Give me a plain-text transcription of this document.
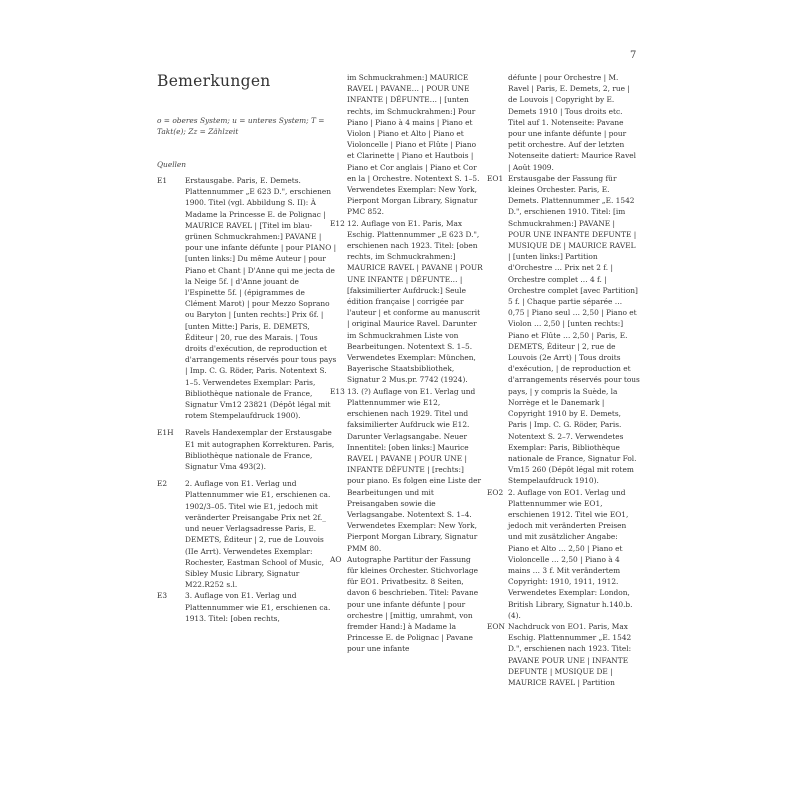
7
Bemerkungen
o = oberes System; u = unteres System; T = Takt(e); Zz = Zählzeit
Quellen
E1	Erstausgabe. Paris, E. Demets. Plattennummer „E 623 D.", erschienen 1900. Titel (vgl. Abbildung S. II): À Madame la Princesse E. de Polignac | MAURICE RAVEL | [Titel im blau-grünen Schmuckrahmen:] PAVANE | pour une infante défunte | pour PIANO | [unten links:] Du même Auteur | pour Piano et Chant | D'Anne qui me jecta de la Neige 5f. | d'Anne jouant de l'Espinette 5f. | (épigrammes de Clément Marot) | pour Mezzo Soprano ou Baryton | [unten rechts:] Prix 6f. | [unten Mitte:] Paris, E. DEMETS, Éditeur | 20, rue des Marais. | Tous droits d'exécution, de reproduction et d'arrangements réservés pour tous pays | Imp. C. G. Röder, Paris. Notentext S. 1–5. Verwendetes Exemplar: Paris, Bibliothèque nationale de France, Signatur Vm12 23821 (Dépôt légal mit rotem Stempelaufdruck 1900).
E1H	Ravels Handexemplar der Erstausgabe E1 mit autographen Korrekturen. Paris, Bibliothèque nationale de France, Signatur Vma 493(2).
E2	2. Auflage von E1. Verlag und Plattennummer wie E1, erschienen ca. 1902/3–05. Titel wie E1, jedoch mit veränderter Preisangabe Prix net 2f._ und neuer Verlagsadresse Paris, E. DEMETS, Éditeur | 2, rue de Louvois (IIe Arrt). Verwendetes Exemplar: Rochester, Eastman School of Music, Sibley Music Library, Signatur M22.R252 s.l.
E3	3. Auflage von E1. Verlag und Plattennummer wie E1, erschienen ca. 1913. Titel: [oben rechts,
im Schmuckrahmen:] MAURICE RAVEL | PAVANE… | POUR UNE INFANTE | DÉFUNTE… | [unten rechts, im Schmuckrahmen:] Pour Piano | Piano à 4 mains | Piano et Violon | Piano et Alto | Piano et Violoncelle | Piano et Flûte | Piano et Clarinette | Piano et Hautbois | Piano et Cor anglais | Piano et Cor en la | Orchestre. Notentext S. 1–5. Verwendetes Exemplar: New York, Pierpont Morgan Library, Signatur PMC 852.
E12 12. Auflage von E1. Paris, Max Eschig. Plattennummer „E 623 D.", erschienen nach 1923. Titel: [oben rechts, im Schmuckrahmen:] MAURICE RAVEL | PAVANE | POUR UNE INFANTE | DÉFUNTE… | [faksimilierter Aufdruck:] Seule édition française | corrigée par l'auteur | et conforme au manuscrit | original Maurice Ravel. Darunter im Schmuckrahmen Liste von Bearbeitungen. Notentext S. 1–5. Verwendetes Exemplar: München, Bayerische Staatsbibliothek, Signatur 2 Mus.pr. 7742 (1924).
E13 13. (?) Auflage von E1. Verlag und Plattennummer wie E12, erschienen nach 1929. Titel und faksimilierter Aufdruck wie E12. Darunter Verlagsangabe. Neuer Innentitel: [oben links:] Maurice RAVEL | PAVANE | POUR UNE | INFANTE DÉFUNTE | [rechts:] pour piano. Es folgen eine Liste der Bearbeitungen und mit Preisangaben sowie die Verlagsangabe. Notentext S. 1–4. Verwendetes Exemplar: New York, Pierpont Morgan Library, Signatur PMM 80.
AO Autographe Partitur der Fassung für kleines Orchester. Stichvorlage für EO1. Privatbesitz. 8 Seiten, davon 6 beschrieben. Titel: Pavane pour une infante défunte | pour orchestre | [mittig, umrahmt, von fremder Hand:] à Madame la Princesse E. de Polignac | Pavane pour une infante
défunte | pour Orchestre | M. Ravel | Paris, E. Demets, 2, rue | de Louvois | Copyright by E. Demets 1910 | Tous droits etc. Titel auf 1. Notenseite: Pavane pour une infante défunte | pour petit orchestre. Auf der letzten Notenseite datiert: Maurice Ravel | Août 1909.
EO1 Erstausgabe der Fassung für kleines Orchester. Paris, E. Demets. Plattennummer „E. 1542 D.", erschienen 1910. Titel: [im Schmuckrahmen:] PAVANE | POUR UNE INFANTE DEFUNTE | MUSIQUE DE | MAURICE RAVEL | [unten links:] Partition d'Orchestre … Prix net 2 f. | Orchestre complet … 4 f. | Orchestre complet [avec Partition] 5 f. | Chaque partie séparée … 0,75 | Piano seul … 2,50 | Piano et Violon … 2,50 | [unten rechts:] Piano et Flûte … 2,50 | Paris, E. DEMETS, Éditeur | 2, rue de Louvois (2e Arrt) | Tous droits d'exécution, | de reproduction et d'arrangements réservés pour tous pays, | y compris la Suède, la Norrège et le Danemark | Copyright 1910 by E. Demets, Paris | Imp. C. G. Röder, Paris. Notentext S. 2–7. Verwendetes Exemplar: Paris, Bibliothèque nationale de France, Signatur Fol. Vm15 260 (Dépôt légal mit rotem Stempelaufdruck 1910).
EO2 2. Auflage von EO1. Verlag und Plattennummer wie EO1, erschienen 1912. Titel wie EO1, jedoch mit veränderten Preisen und mit zusätzlicher Angabe: Piano et Alto … 2,50 | Piano et Violoncelle … 2,50 | Piano à 4 mains … 3 f. Mit verändertem Copyright: 1910, 1911, 1912. Verwendetes Exemplar: London, British Library, Signatur h.140.b.(4).
EON Nachdruck von EO1. Paris, Max Eschig. Plattennummer „E. 1542 D.", erschienen nach 1923. Titel: PAVANE POUR UNE | INFANTE DEFUNTE | MUSIQUE DE | MAURICE RAVEL | Partition
